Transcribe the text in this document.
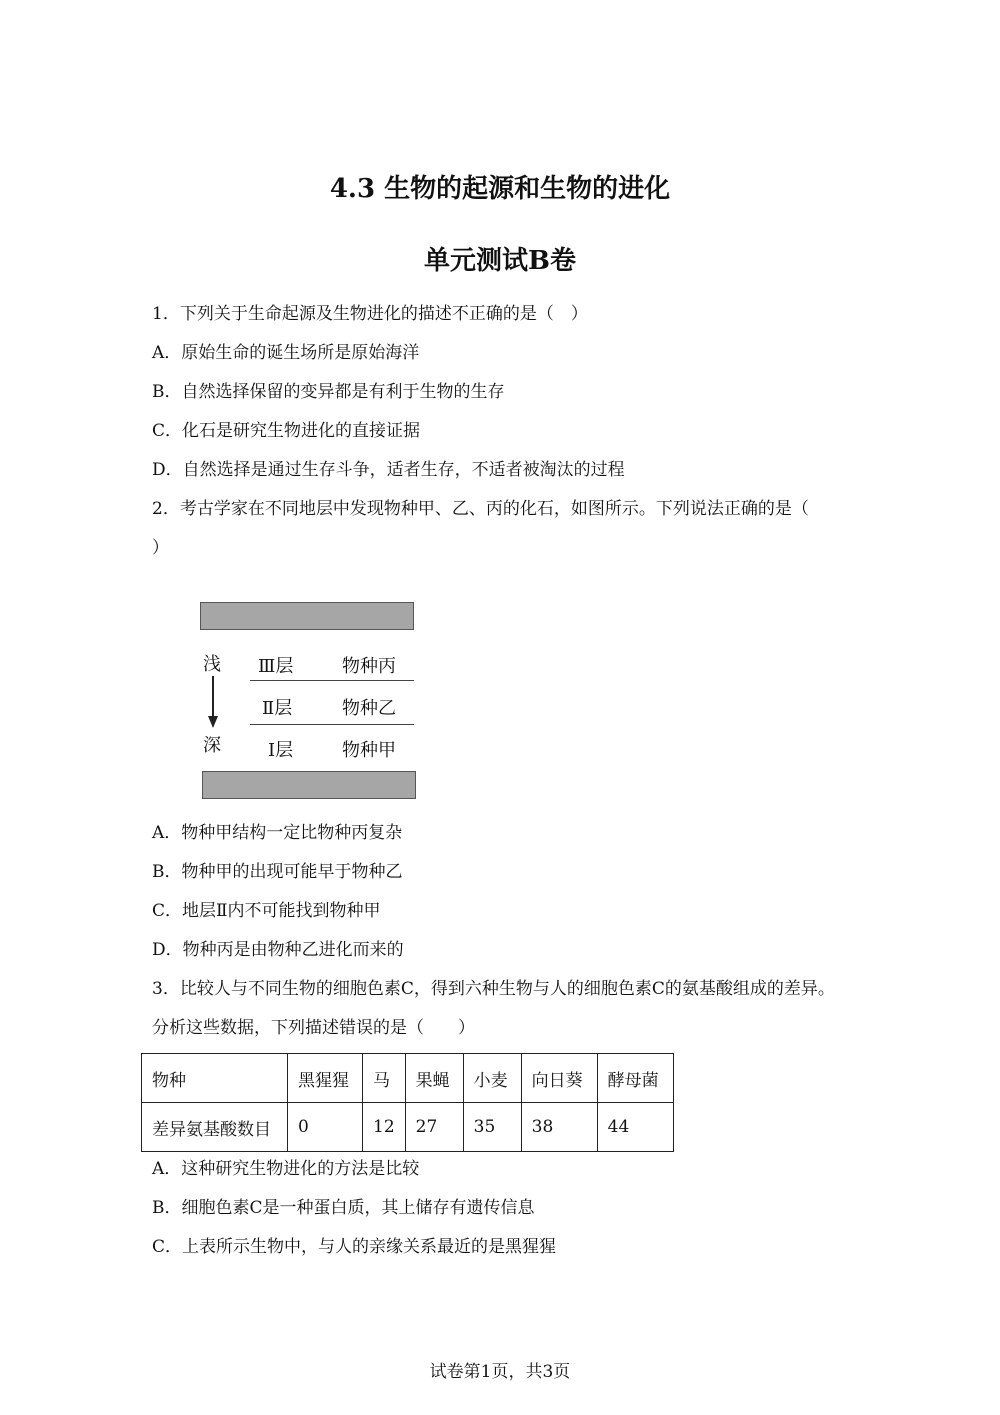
4.3 生物的起源和生物的进化
单元测试B卷
1．下列关于生命起源及生物进化的描述不正确的是（　）
A．原始生命的诞生场所是原始海洋
B．自然选择保留的变异都是有利于生物的生存
C．化石是研究生物进化的直接证据
D．自然选择是通过生存斗争，适者生存，不适者被淘汰的过程
2．考古学家在不同地层中发现物种甲、乙、丙的化石，如图所示。下列说法正确的是（
）
浅
深
Ⅲ层	物种丙
Ⅱ层	物种乙
Ⅰ层	物种甲
A．物种甲结构一定比物种丙复杂
B．物种甲的出现可能早于物种乙
C．地层Ⅱ内不可能找到物种甲
D．物种丙是由物种乙进化而来的
3．比较人与不同生物的细胞色素C，得到六种生物与人的细胞色素C的氨基酸组成的差异。
分析这些数据，下列描述错误的是（　　）
物种	黑猩猩	马	果蝇	小麦	向日葵	酵母菌
差异氨基酸数目	0	12	27	35	38	44
A．这种研究生物进化的方法是比较
B．细胞色素C是一种蛋白质，其上储存有遗传信息
C．上表所示生物中，与人的亲缘关系最近的是黑猩猩
试卷第1页，共3页
